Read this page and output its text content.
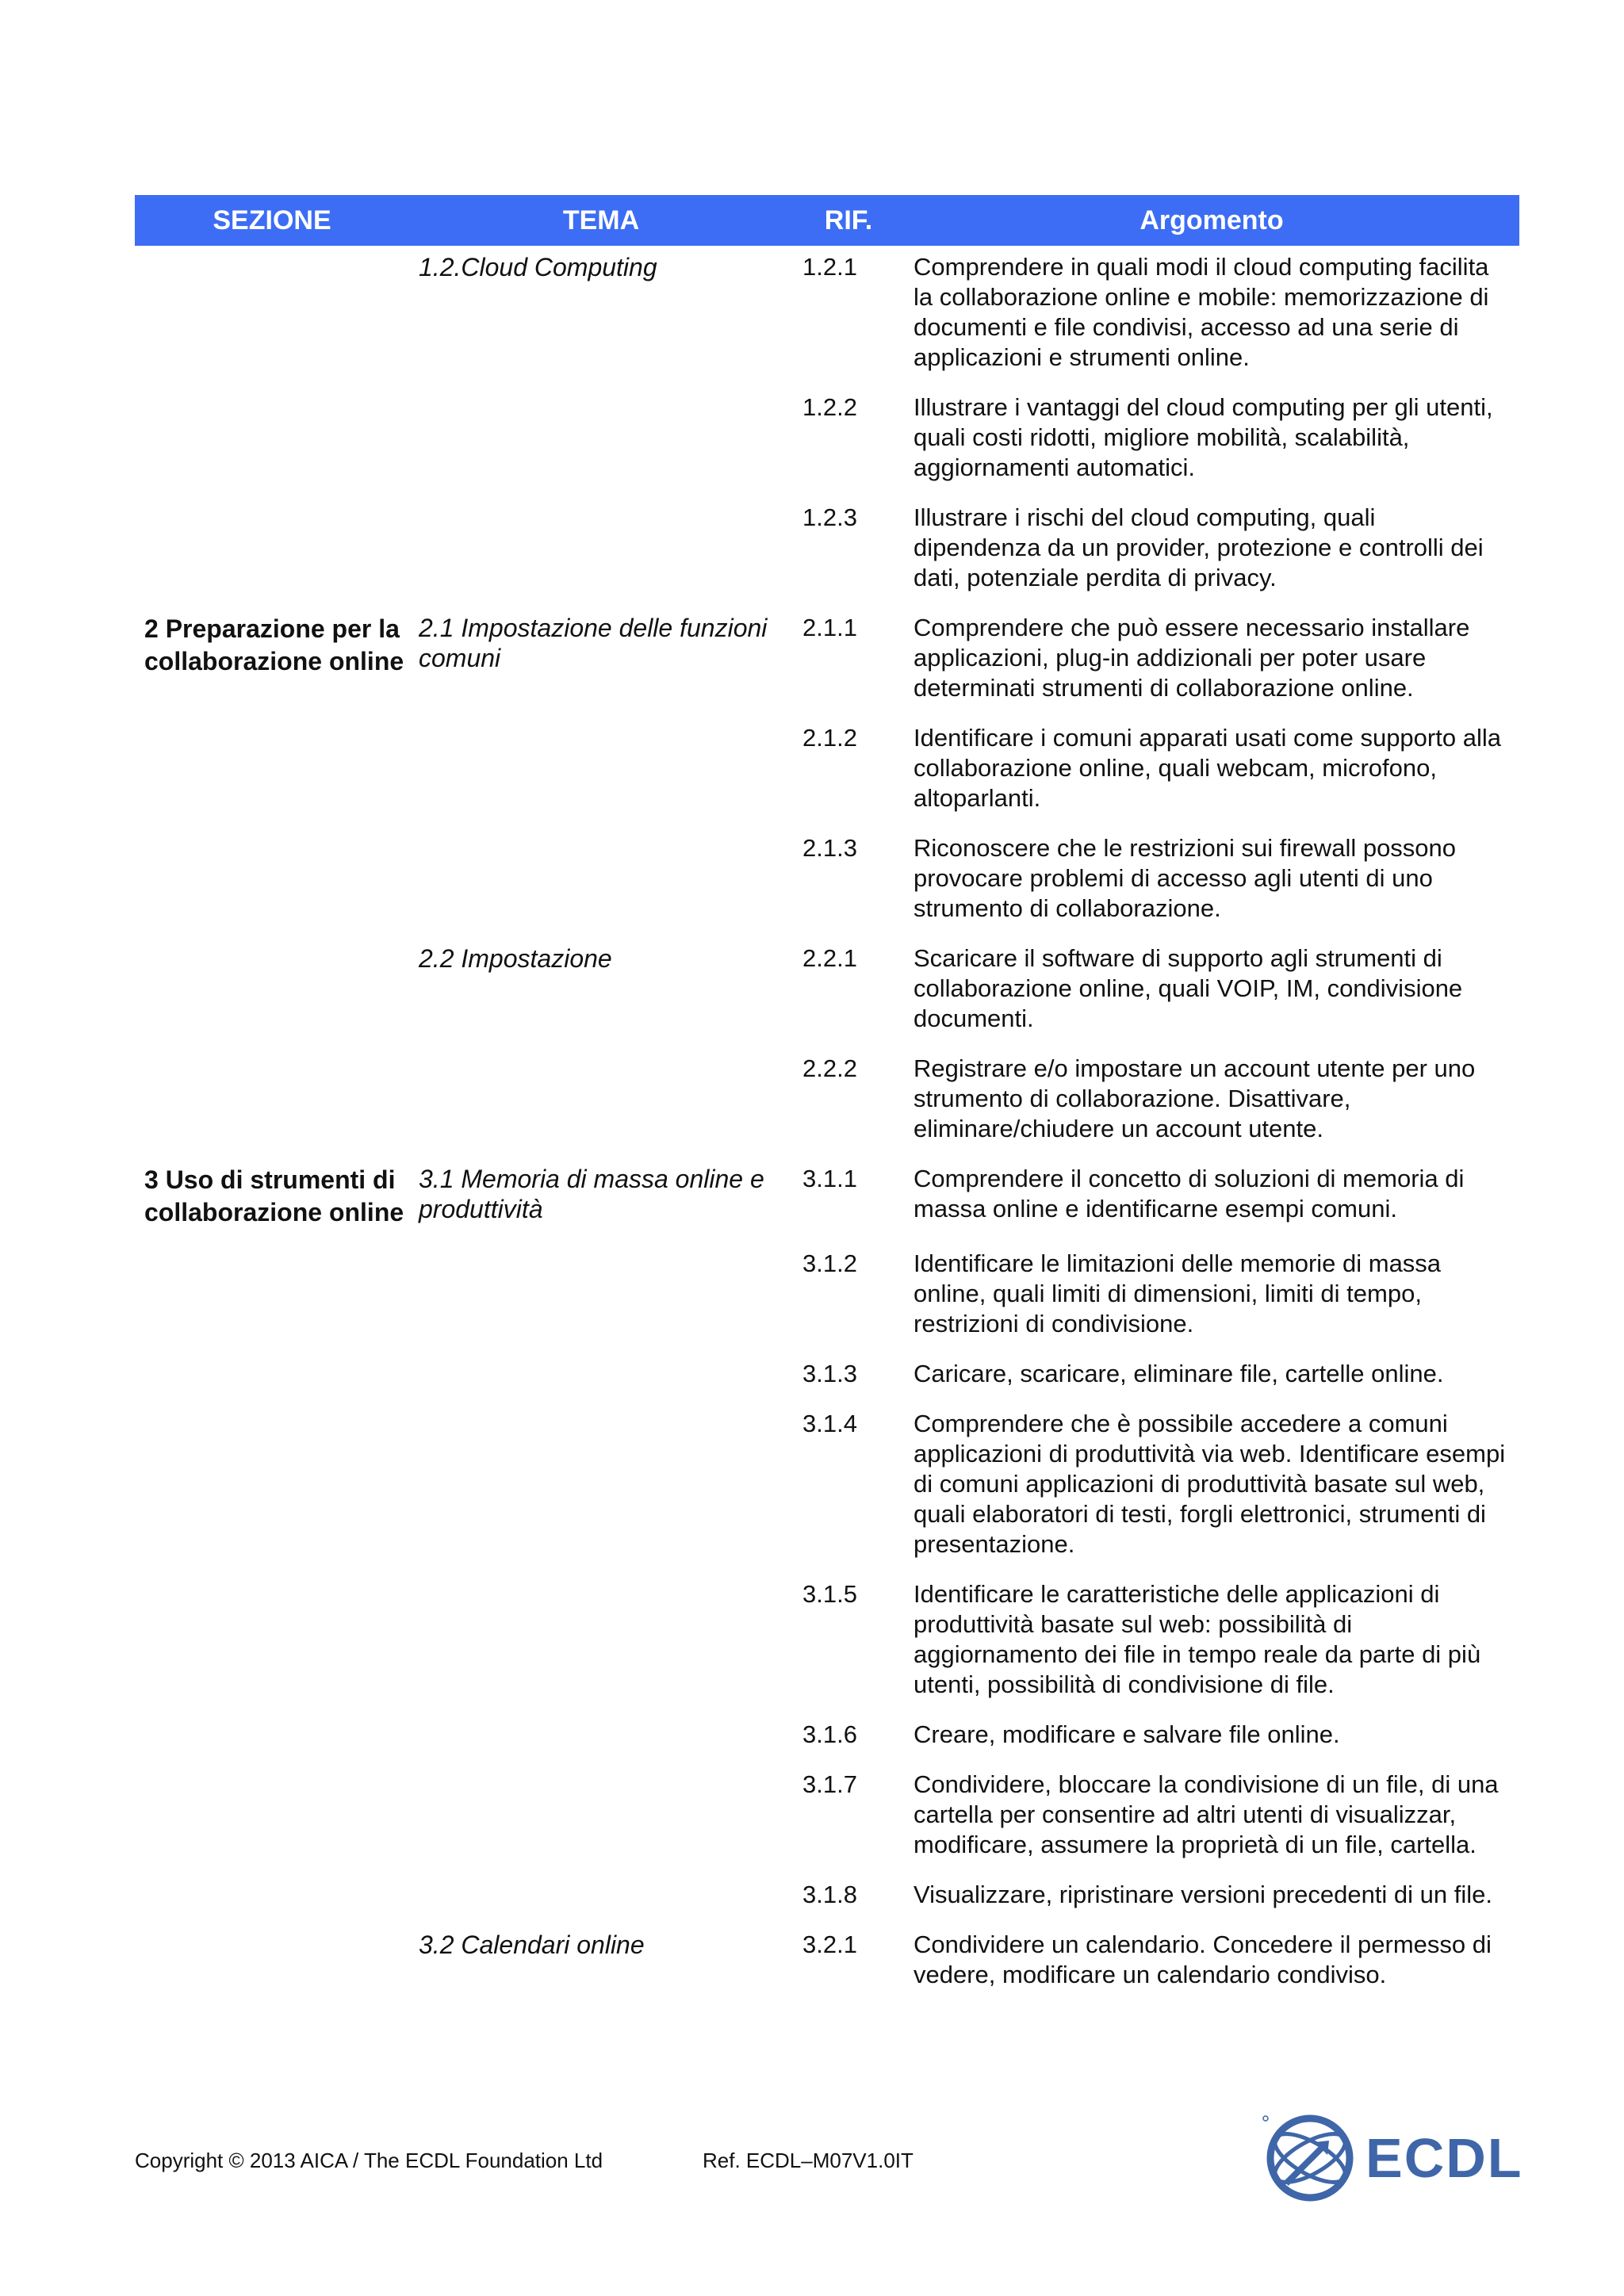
SEZIONE	TEMA	RIF.	Argomento
	1.2.Cloud Computing	1.2.1	Comprendere in quali modi il cloud computing facilita la collaborazione online e mobile: memorizzazione di documenti e file condivisi, accesso ad una serie di applicazioni e strumenti online.
		1.2.2	Illustrare i vantaggi del cloud computing per gli utenti, quali costi ridotti, migliore mobilità, scalabilità, aggiornamenti automatici.
		1.2.3	Illustrare i rischi del cloud computing, quali dipendenza da un provider, protezione e controlli dei dati, potenziale perdita di privacy.
2 Preparazione per la collaborazione online	2.1 Impostazione delle funzioni comuni	2.1.1	Comprendere che può essere necessario installare applicazioni, plug-in addizionali per poter usare determinati strumenti di collaborazione online.
		2.1.2	Identificare i comuni apparati usati come supporto alla collaborazione online, quali webcam, microfono, altoparlanti.
		2.1.3	Riconoscere che le restrizioni sui firewall possono provocare problemi di accesso agli utenti di uno strumento di collaborazione.
	2.2 Impostazione	2.2.1	Scaricare il software di supporto agli strumenti di collaborazione online, quali VOIP, IM, condivisione documenti.
		2.2.2	Registrare e/o impostare un account utente per uno strumento di collaborazione. Disattivare, eliminare/chiudere un account utente.
3 Uso di strumenti di collaborazione online	3.1 Memoria di massa online e produttività	3.1.1	Comprendere il concetto di soluzioni di memoria di massa online e identificarne esempi comuni.
		3.1.2	Identificare le limitazioni delle memorie di massa online, quali limiti di dimensioni, limiti di tempo, restrizioni di condivisione.
		3.1.3	Caricare, scaricare, eliminare file, cartelle online.
		3.1.4	Comprendere che è possibile accedere a comuni applicazioni di produttività via web. Identificare esempi di comuni applicazioni di produttività basate sul web, quali elaboratori di testi, forgli elettronici, strumenti di presentazione.
		3.1.5	Identificare le caratteristiche delle applicazioni di produttività basate sul web: possibilità di aggiornamento dei file in tempo reale da parte di più utenti, possibilità di condivisione di file.
		3.1.6	Creare, modificare e salvare file online.
		3.1.7	Condividere, bloccare la condivisione di un file, di una cartella per consentire ad altri utenti di visualizzar, modificare, assumere la proprietà di un file, cartella.
		3.1.8	Visualizzare, ripristinare versioni precedenti di un file.
	3.2 Calendari online	3.2.1	Condividere un calendario. Concedere il permesso di vedere, modificare un calendario condiviso.
Copyright © 2013 AICA / The ECDL Foundation Ltd	Ref. ECDL–M07V1.0IT	ECDL
